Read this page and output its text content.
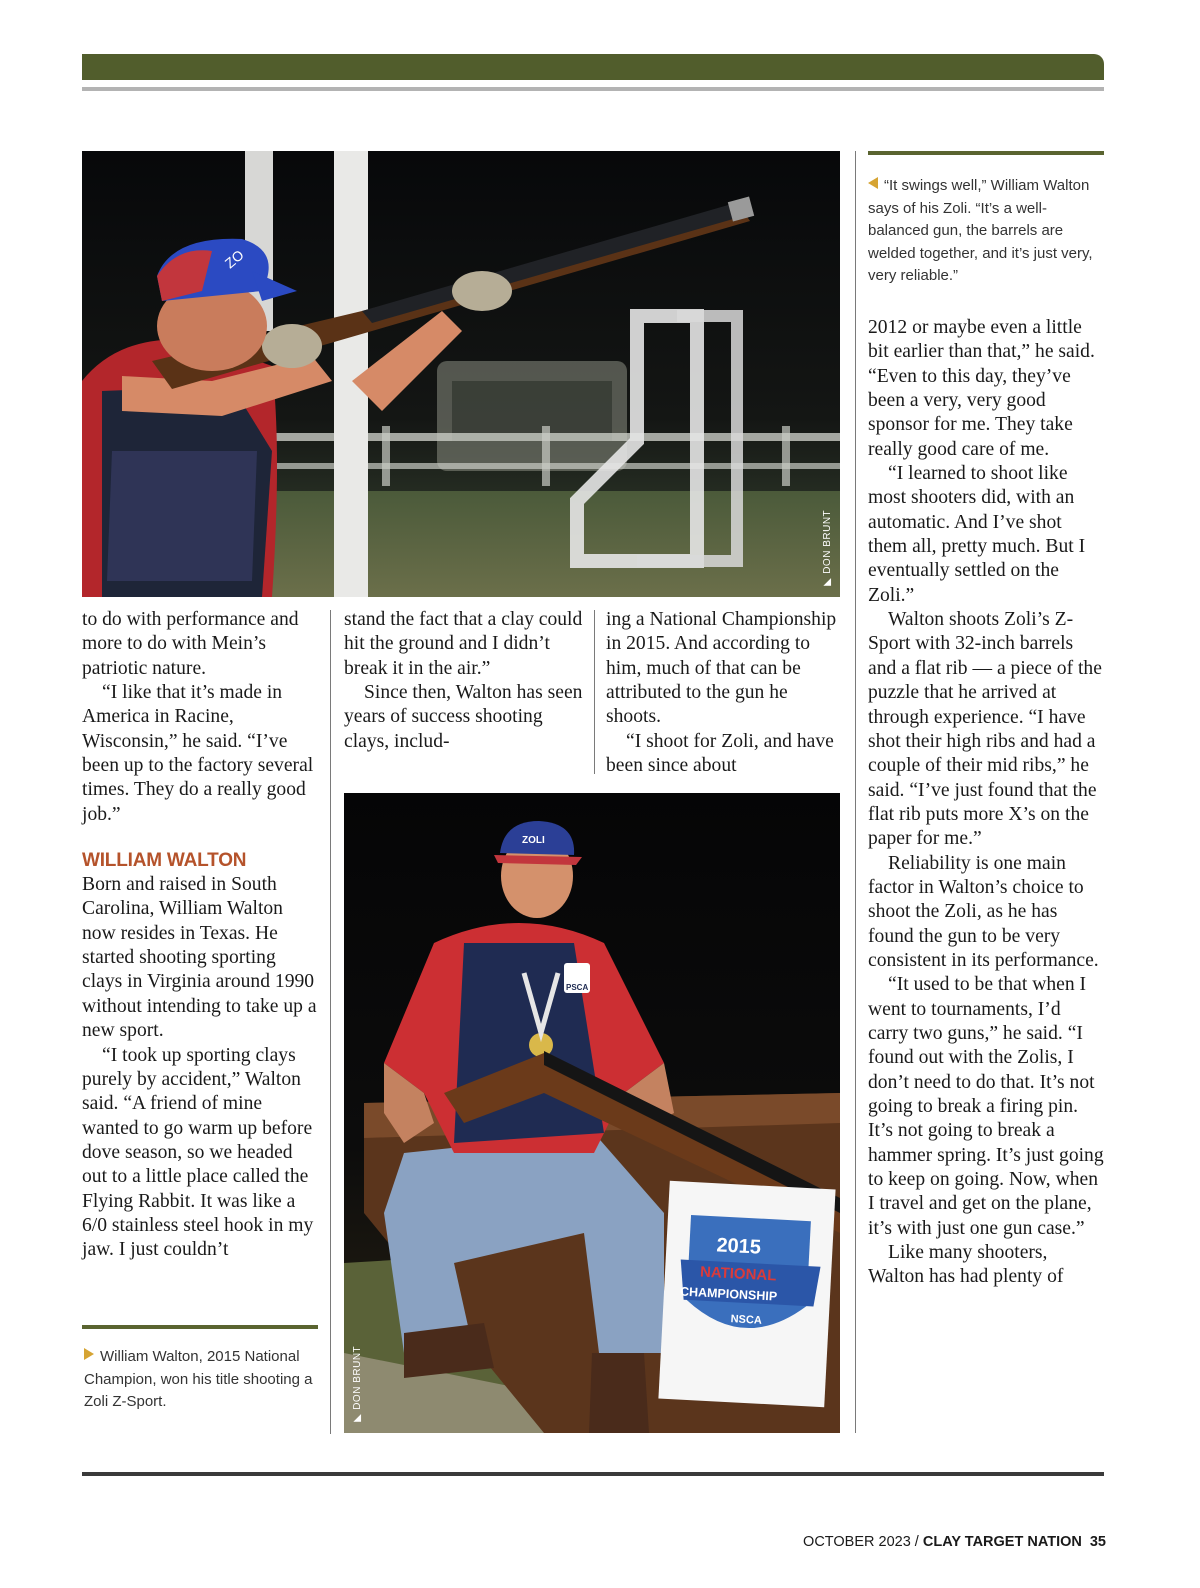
ZO
◢DON BRUNT
ZOLI
PSCA
2015
NATIONAL
CHAMPIONSHIP
NSCA
◢DON BRUNT
“It swings well,” William Walton says of his Zoli. “It’s a well-balanced gun, the barrels are welded together, and it’s just very, very reliable.”
William Walton, 2015 National Champion, won his title shooting a Zoli Z-Sport.

to do with performance and more to do with Mein’s patriotic nature.

“I like that it’s made in America in Racine, Wisconsin,” he said. “I’ve been up to the factory several times. They do a really good job.”

WILLIAM WALTON

Born and raised in South Carolina, William Walton now resides in Texas. He started shooting sporting clays in Virginia around 1990 without intending to take up a new sport.

“I took up sporting clays purely by accident,” Walton said. “A friend of mine wanted to go warm up before dove season, so we headed out to a little place called the Flying Rabbit. It was like a 6/0 stainless steel hook in my jaw. I just couldn’t

stand the fact that a clay could hit the ground and I didn’t break it in the air.”

Since then, Walton has seen years of success shooting clays, includ-

ing a National Championship in 2015. And according to him, much of that can be attributed to the gun he shoots.

“I shoot for Zoli, and have been since about

2012 or maybe even a little bit earlier than that,” he said. “Even to this day, they’ve been a very, very good sponsor for me. They take really good care of me.

“I learned to shoot like most shooters did, with an automatic. And I’ve shot them all, pretty much. But I eventually settled on the Zoli.”

Walton shoots Zoli’s Z-Sport with 32-inch barrels and a flat rib — a piece of the puzzle that he arrived at through experience. “I have shot their high ribs and had a couple of their mid ribs,” he said. “I’ve just found that the flat rib puts more X’s on the paper for me.”

Reliability is one main factor in Walton’s choice to shoot the Zoli, as he has found the gun to be very consistent in its performance.

“It used to be that when I went to tournaments, I’d carry two guns,” he said. “I found out with the Zolis, I don’t need to do that. It’s not going to break a firing pin. It’s not going to break a hammer spring. It’s just going to keep on going. Now, when I travel and get on the plane, it’s with just one gun case.”

Like many shooters, Walton has had plenty of

OCTOBER 2023 / CLAY TARGET NATION 35
